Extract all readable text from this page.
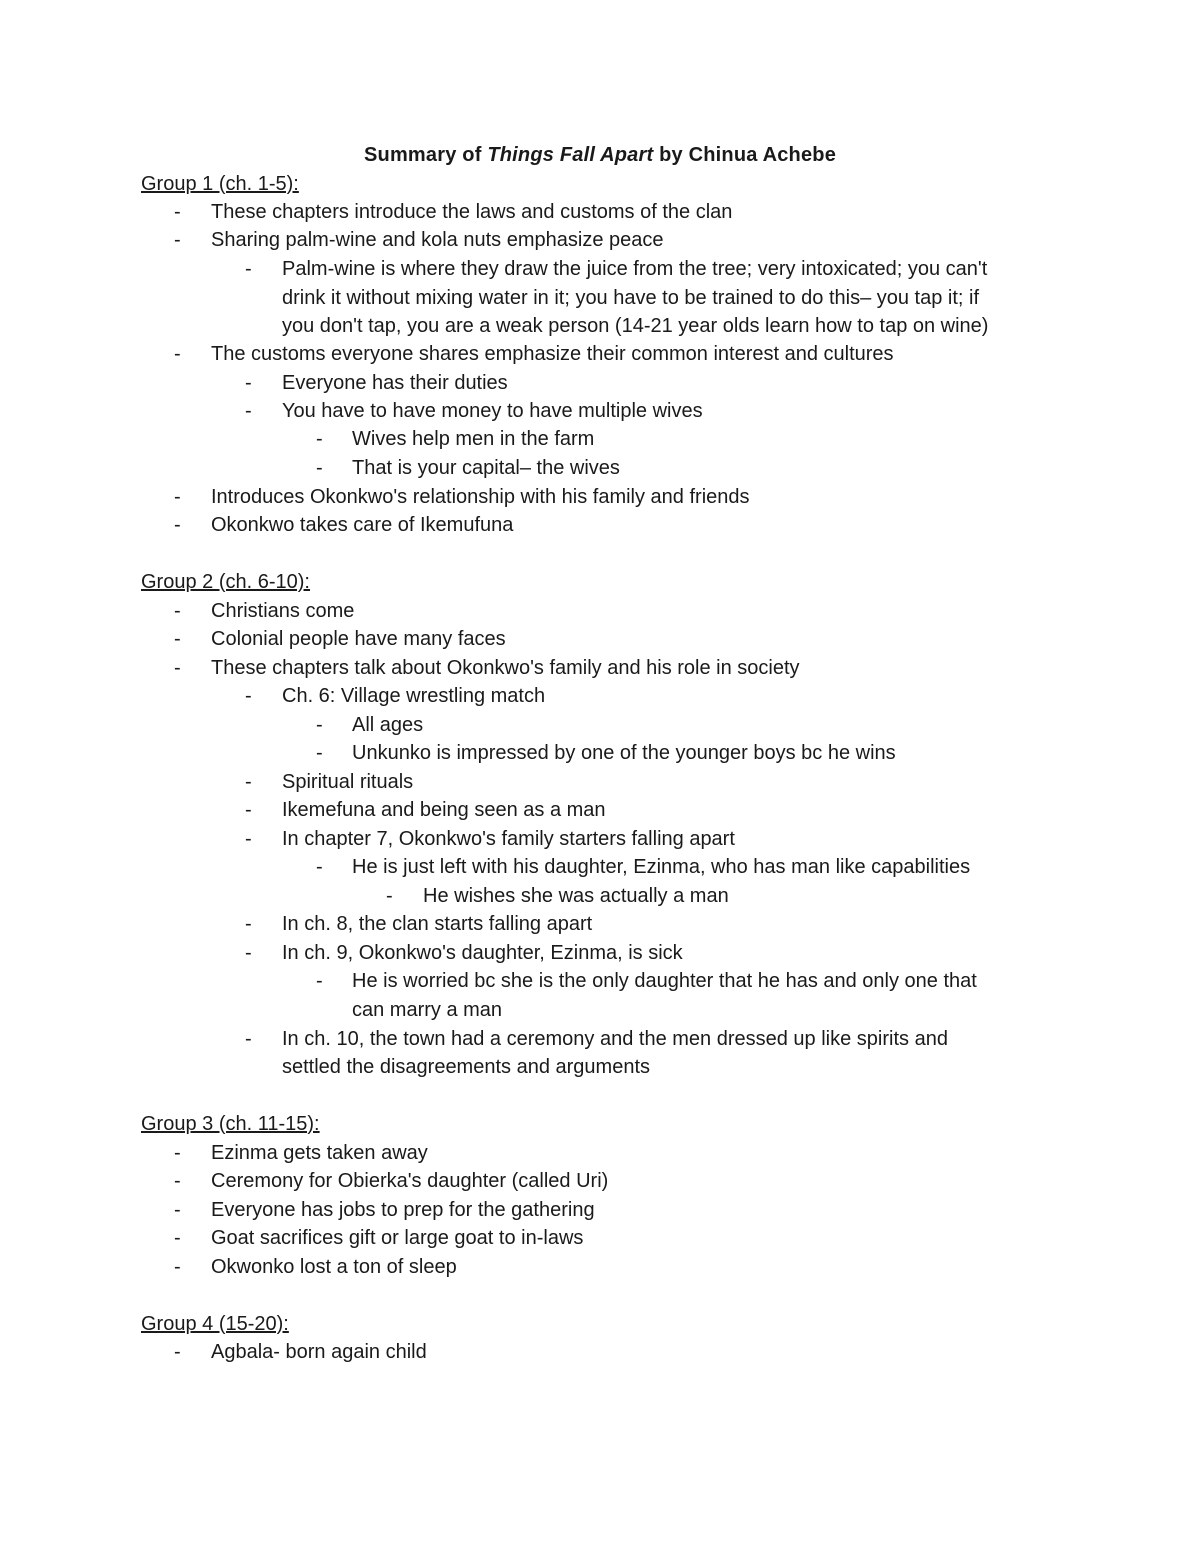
Summary of Things Fall Apart by Chinua Achebe
Group 1 (ch. 1-5):
- These chapters introduce the laws and customs of the clan
- Sharing palm-wine and kola nuts emphasize peace
- Palm-wine is where they draw the juice from the tree; very intoxicated; you can't
drink it without mixing water in it; you have to be trained to do this– you tap it; if
you don't tap, you are a weak person (14-21 year olds learn how to tap on wine)
- The customs everyone shares emphasize their common interest and cultures
- Everyone has their duties
- You have to have money to have multiple wives
- Wives help men in the farm
- That is your capital– the wives
- Introduces Okonkwo's relationship with his family and friends
- Okonkwo takes care of Ikemufuna
Group 2 (ch. 6-10):
- Christians come
- Colonial people have many faces
- These chapters talk about Okonkwo's family and his role in society
- Ch. 6: Village wrestling match
- All ages
- Unkunko is impressed by one of the younger boys bc he wins
- Spiritual rituals
- Ikemefuna and being seen as a man
- In chapter 7, Okonkwo's family starters falling apart
- He is just left with his daughter, Ezinma, who has man like capabilities
- He wishes she was actually a man
- In ch. 8, the clan starts falling apart
- In ch. 9, Okonkwo's daughter, Ezinma, is sick
- He is worried bc she is the only daughter that he has and only one that
can marry a man
- In ch. 10, the town had a ceremony and the men dressed up like spirits and
settled the disagreements and arguments
Group 3 (ch. 11-15):
- Ezinma gets taken away
- Ceremony for Obierka's daughter (called Uri)
- Everyone has jobs to prep for the gathering
- Goat sacrifices gift or large goat to in-laws
- Okwonko lost a ton of sleep
Group 4 (15-20):
- Agbala- born again child
